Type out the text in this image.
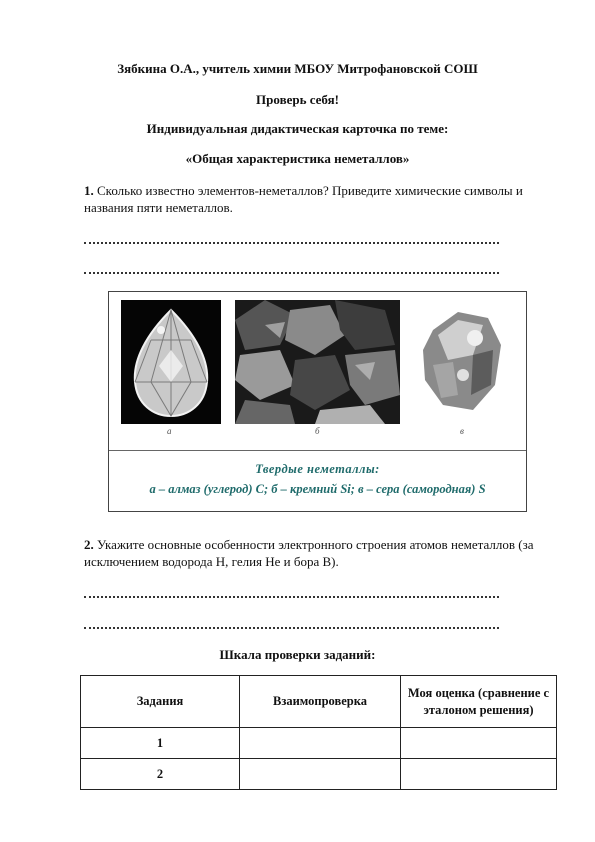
Зябкина О.А., учитель химии МБОУ Митрофановской СОШ
Проверь себя!
Индивидуальная дидактическая карточка по теме:
«Общая характеристика неметаллов»
1. Сколько известно элементов-неметаллов? Приведите химические символы и названия пяти неметаллов.
а	б	в
Твердые неметаллы:
а – алмаз (углерод) С; б – кремний Si; в – сера (самородная) S
2. Укажите основные особенности электронного строения атомов неметаллов (за исключением водорода Н, гелия Не и бора В).
Шкала проверки заданий:
Задания	Взаимопроверка	Моя оценка (сравнение с эталоном решения)
1		
2		
